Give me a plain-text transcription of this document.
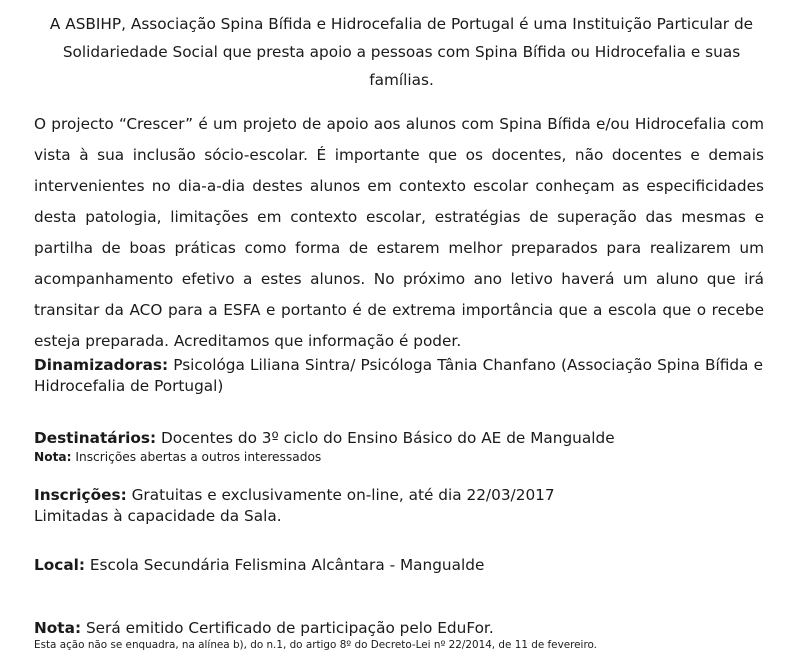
A ASBIHP, Associação Spina Bífida e Hidrocefalia de Portugal é uma Instituição Particular de Solidariedade Social que presta apoio a pessoas com Spina Bífida ou Hidrocefalia e suas famílias.

O projecto “Crescer” é um projeto de apoio aos alunos com Spina Bífida e/ou Hidrocefalia com vista à sua inclusão sócio-escolar. É importante que os docentes, não docentes e demais intervenientes no dia-a-dia destes alunos em contexto escolar conheçam as especificidades desta patologia, limitações em contexto escolar, estratégias de superação das mesmas e partilha de boas práticas como forma de estarem melhor preparados para realizarem um acompanhamento efetivo a estes alunos. No próximo ano letivo haverá um aluno que irá transitar da ACO para a ESFA e portanto é de extrema importância que a escola que o recebe esteja preparada. Acreditamos que informação é poder.

Dinamizadoras: Psicológa Liliana Sintra/ Psicóloga Tânia Chanfano (Associação Spina Bífida e Hidrocefalia de Portugal)

Destinatários: Docentes do 3º ciclo do Ensino Básico do AE de Mangualde
Nota: Inscrições abertas a outros interessados
Inscrições: Gratuitas e exclusivamente on-line, até dia 22/03/2017
Limitadas à capacidade da Sala.

Local: Escola Secundária Felismina Alcântara - Mangualde

Nota: Será emitido Certificado de participação pelo EduFor.

Esta ação não se enquadra, na alínea b), do n.1, do artigo 8º do Decreto-Lei nº 22/2014, de 11 de fevereiro.
